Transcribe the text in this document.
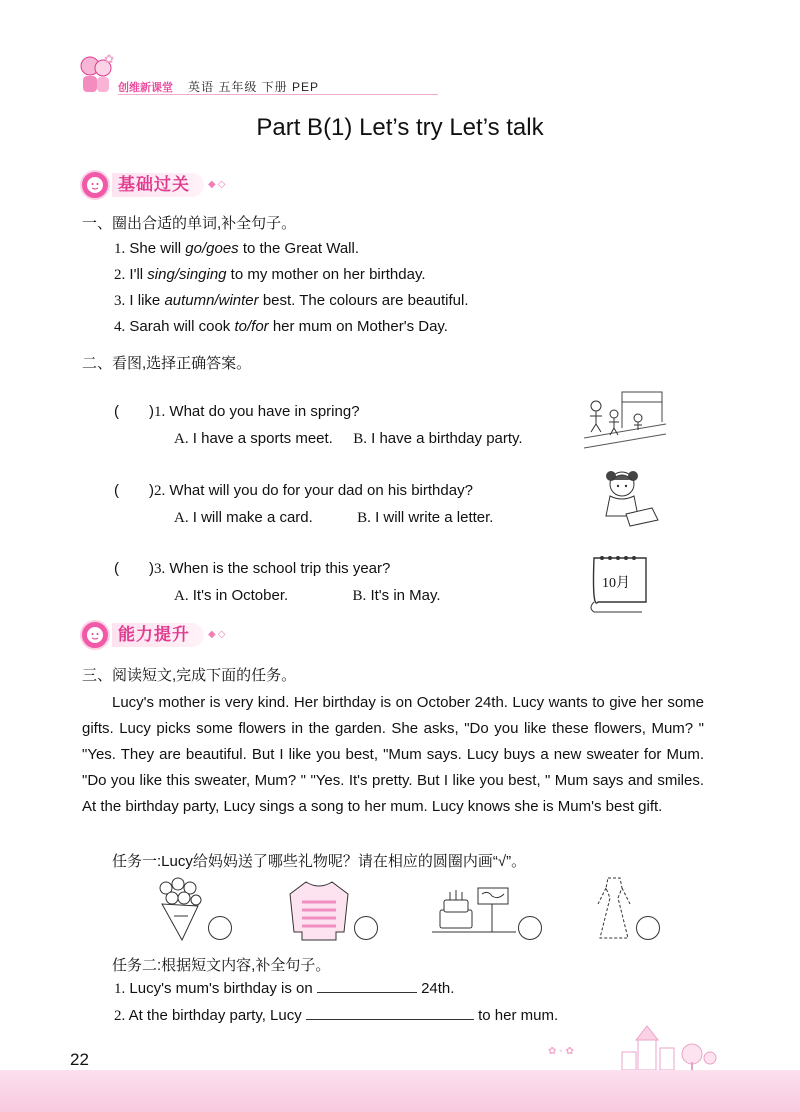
✿
创维新课堂 英语 五年级 下册 PEP
Part B(1) Let’s try Let’s talk
基础过关	◆◇
一、圈出合适的单词,补全句子。
1. She will go/goes to the Great Wall.
2. I'll sing/singing to my mother on her birthday.
3. I like autumn/winter best. The colours are beautiful.
4. Sarah will cook to/for her mum on Mother's Day.
二、看图,选择正确答案。
( )1. What do you have in spring?
A. I have a sports meet. B. I have a birthday party.
( )2. What will you do for your dad on his birthday?
A. I will make a card.	B. I will write a letter.
( )3. When is the school trip this year?
A. It's in October.	B. It's in May.
10月
能力提升	◆◇
三、阅读短文,完成下面的任务。
Lucy's mother is very kind. Her birthday is on October 24th. Lucy wants to give her some gifts. Lucy picks some flowers in the garden. She asks, "Do you like these flowers, Mum? " "Yes. They are beautiful. But I like you best, "Mum says. Lucy buys a new sweater for Mum. "Do you like this sweater, Mum? " "Yes. It's pretty. But I like you best, " Mum says and smiles. At the birthday party, Lucy sings a song to her mum. Lucy knows she is Mum's best gift.
任务一:Lucy给妈妈送了哪些礼物呢？请在相应的圆圈内画“√”。
任务二:根据短文内容,补全句子。
1. Lucy's mum's birthday is on	24th.
2. At the birthday party, Lucy	to her mum.
✿ ◦ ✿
22
